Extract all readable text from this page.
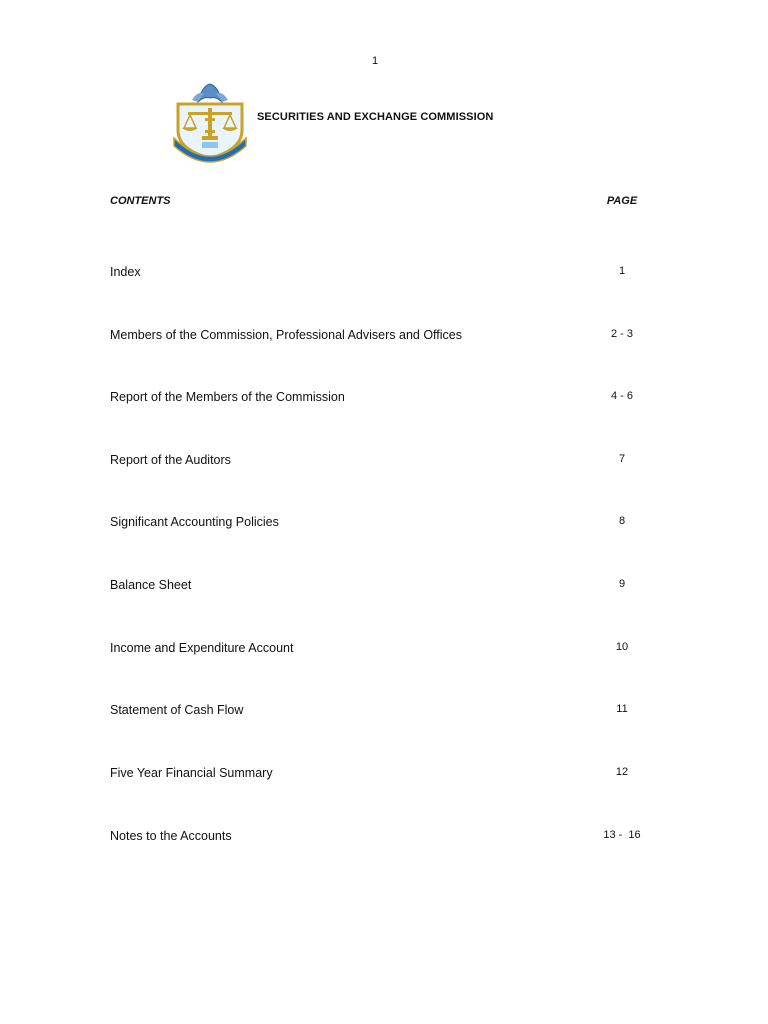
1
SECURITIES AND EXCHANGE COMMISSION
CONTENTS	PAGE
Index	1
Members of the Commission, Professional Advisers and Offices	2 - 3
Report of the Members of the Commission	4 - 6
Report of the Auditors	7
Significant Accounting Policies	8
Balance Sheet	9
Income and Expenditure Account	10
Statement of Cash Flow	11
Five Year Financial Summary	12
Notes to the Accounts	13 -  16
